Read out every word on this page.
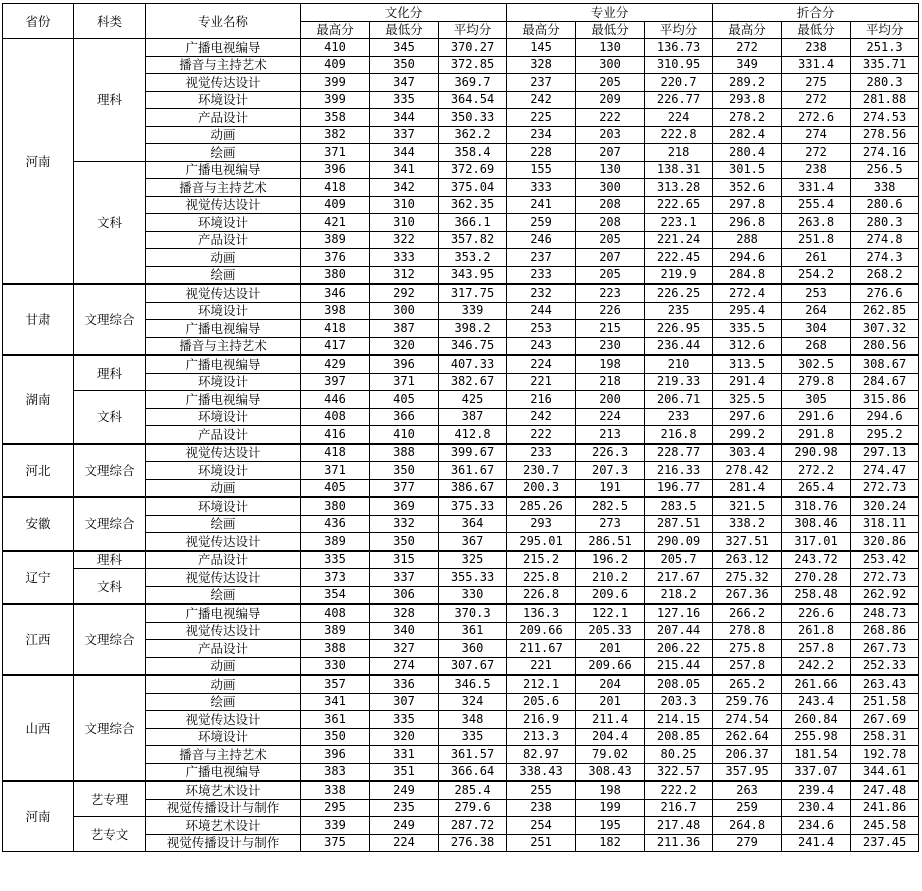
省份	科类	专业名称	文化分			专业分			折合分		
			最高分	最低分	平均分	最高分	最低分	平均分	最高分	最低分	平均分
河南	理科	广播电视编导	410	345	370.27	145	130	136.73	272	238	251.3
		播音与主持艺术	409	350	372.85	328	300	310.95	349	331.4	335.71
		视觉传达设计	399	347	369.7	237	205	220.7	289.2	275	280.3
		环境设计	399	335	364.54	242	209	226.77	293.8	272	281.88
		产品设计	358	344	350.33	225	222	224	278.2	272.6	274.53
		动画	382	337	362.2	234	203	222.8	282.4	274	278.56
		绘画	371	344	358.4	228	207	218	280.4	272	274.16
	文科	广播电视编导	396	341	372.69	155	130	138.31	301.5	238	256.5
		播音与主持艺术	418	342	375.04	333	300	313.28	352.6	331.4	338
		视觉传达设计	409	310	362.35	241	208	222.65	297.8	255.4	280.6
		环境设计	421	310	366.1	259	208	223.1	296.8	263.8	280.3
		产品设计	389	322	357.82	246	205	221.24	288	251.8	274.8
		动画	376	333	353.2	237	207	222.45	294.6	261	274.3
		绘画	380	312	343.95	233	205	219.9	284.8	254.2	268.2
甘肃	文理综合	视觉传达设计	346	292	317.75	232	223	226.25	272.4	253	276.6
		环境设计	398	300	339	244	226	235	295.4	264	262.85
		广播电视编导	418	387	398.2	253	215	226.95	335.5	304	307.32
		播音与主持艺术	417	320	346.75	243	230	236.44	312.6	268	280.56
湖南	理科	广播电视编导	429	396	407.33	224	198	210	313.5	302.5	308.67
		环境设计	397	371	382.67	221	218	219.33	291.4	279.8	284.67
	文科	广播电视编导	446	405	425	216	200	206.71	325.5	305	315.86
		环境设计	408	366	387	242	224	233	297.6	291.6	294.6
		产品设计	416	410	412.8	222	213	216.8	299.2	291.8	295.2
河北	文理综合	视觉传达设计	418	388	399.67	233	226.3	228.77	303.4	290.98	297.13
		环境设计	371	350	361.67	230.7	207.3	216.33	278.42	272.2	274.47
		动画	405	377	386.67	200.3	191	196.77	281.4	265.4	272.73
安徽	文理综合	环境设计	380	369	375.33	285.26	282.5	283.5	321.5	318.76	320.24
		绘画	436	332	364	293	273	287.51	338.2	308.46	318.11
		视觉传达设计	389	350	367	295.01	286.51	290.09	327.51	317.01	320.86
辽宁	理科	产品设计	335	315	325	215.2	196.2	205.7	263.12	243.72	253.42
	文科	视觉传达设计	373	337	355.33	225.8	210.2	217.67	275.32	270.28	272.73
		绘画	354	306	330	226.8	209.6	218.2	267.36	258.48	262.92
江西	文理综合	广播电视编导	408	328	370.3	136.3	122.1	127.16	266.2	226.6	248.73
		视觉传达设计	389	340	361	209.66	205.33	207.44	278.8	261.8	268.86
		产品设计	388	327	360	211.67	201	206.22	275.8	257.8	267.73
		动画	330	274	307.67	221	209.66	215.44	257.8	242.2	252.33
山西	文理综合	动画	357	336	346.5	212.1	204	208.05	265.2	261.66	263.43
		绘画	341	307	324	205.6	201	203.3	259.76	243.4	251.58
		视觉传达设计	361	335	348	216.9	211.4	214.15	274.54	260.84	267.69
		环境设计	350	320	335	213.3	204.4	208.85	262.64	255.98	258.31
		播音与主持艺术	396	331	361.57	82.97	79.02	80.25	206.37	181.54	192.78
		广播电视编导	383	351	366.64	338.43	308.43	322.57	357.95	337.07	344.61
河南	艺专理	环境艺术设计	338	249	285.4	255	198	222.2	263	239.4	247.48
		视觉传播设计与制作	295	235	279.6	238	199	216.7	259	230.4	241.86
	艺专文	环境艺术设计	339	249	287.72	254	195	217.48	264.8	234.6	245.58
		视觉传播设计与制作	375	224	276.38	251	182	211.36	279	241.4	237.45
